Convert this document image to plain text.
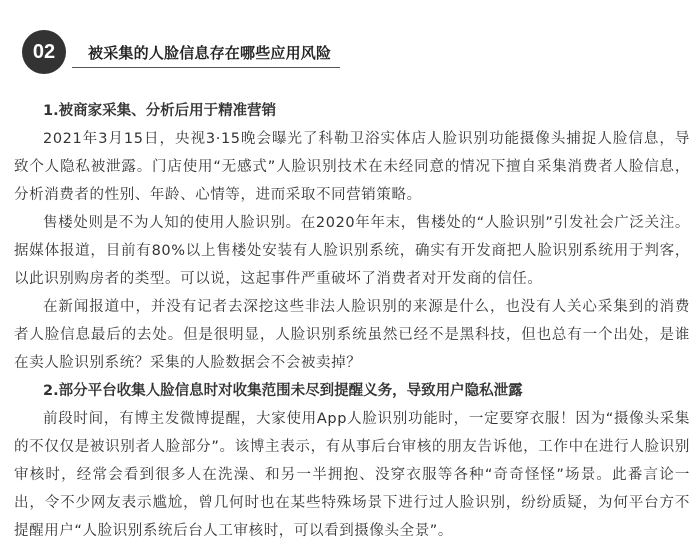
02	被采集的人脸信息存在哪些应用风险
1.被商家采集、分析后用于精准营销

2021年3月15日，央视3·15晚会曝光了科勒卫浴实体店人脸识别功能摄像头捕捉人脸信息，导致个人隐私被泄露。门店使用“无感式”人脸识别技术在未经同意的情况下擅自采集消费者人脸信息，分析消费者的性别、年龄、心情等，进而采取不同营销策略。

售楼处则是不为人知的使用人脸识别。在2020年年末，售楼处的“人脸识别”引发社会广泛关注。据媒体报道，目前有80%以上售楼处安装有人脸识别系统，确实有开发商把人脸识别系统用于判客，以此识别购房者的类型。可以说，这起事件严重破坏了消费者对开发商的信任。

在新闻报道中，并没有记者去深挖这些非法人脸识别的来源是什么，也没有人关心采集到的消费者人脸信息最后的去处。但是很明显，人脸识别系统虽然已经不是黑科技，但也总有一个出处，是谁在卖人脸识别系统？采集的人脸数据会不会被卖掉？

2.部分平台收集人脸信息时对收集范围未尽到提醒义务，导致用户隐私泄露

前段时间，有博主发微博提醒，大家使用App人脸识别功能时，一定要穿衣服！因为“摄像头采集的不仅仅是被识别者人脸部分”。该博主表示，有从事后台审核的朋友告诉他，工作中在进行人脸识别审核时，经常会看到很多人在洗澡、和另一半拥抱、没穿衣服等各种“奇奇怪怪”场景。此番言论一出，令不少网友表示尴尬，曾几何时也在某些特殊场景下进行过人脸识别，纷纷质疑，为何平台方不提醒用户“人脸识别系统后台人工审核时，可以看到摄像头全景”。
